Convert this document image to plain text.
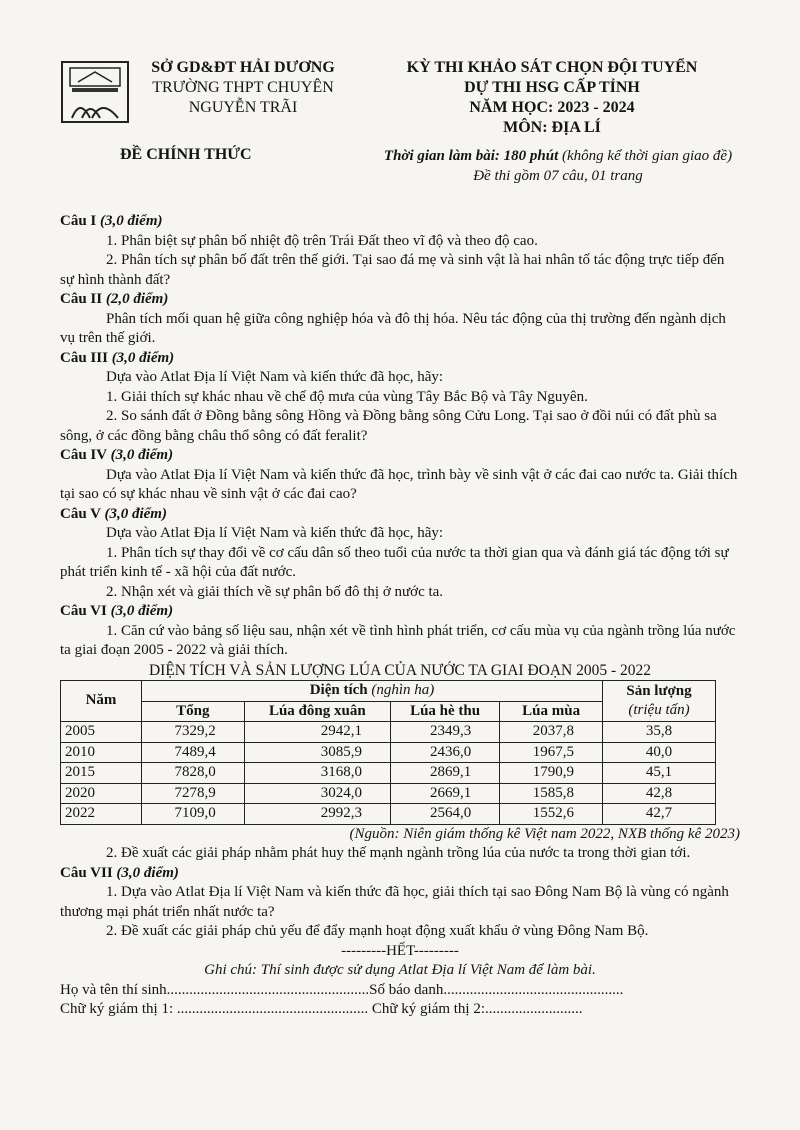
SỞ GD&ĐT HẢI DƯƠNG
TRƯỜNG THPT CHUYÊN
NGUYỄN TRÃI
KỲ THI KHẢO SÁT CHỌN ĐỘI TUYỂN
DỰ THI HSG CẤP TỈNH
NĂM HỌC: 2023 - 2024
MÔN: ĐỊA LÍ
ĐỀ CHÍNH THỨC	Thời gian làm bài: 180 phút (không kể thời gian giao đề)
Đề thi gồm 07 câu, 01 trang

Câu I (3,0 điểm)

1. Phân biệt sự phân bố nhiệt độ trên Trái Đất theo vĩ độ và theo độ cao.

2. Phân tích sự phân bố đất trên thế giới. Tại sao đá mẹ và sinh vật là hai nhân tố tác động trực tiếp đến sự hình thành đất?

Câu II (2,0 điểm)

Phân tích mối quan hệ giữa công nghiệp hóa và đô thị hóa. Nêu tác động của thị trường đến ngành dịch vụ trên thế giới.

Câu III (3,0 điểm)

Dựa vào Atlat Địa lí Việt Nam và kiến thức đã học, hãy:

1. Giải thích sự khác nhau về chế độ mưa của vùng Tây Bắc Bộ và Tây Nguyên.

2. So sánh đất ở Đồng bằng sông Hồng và Đồng bằng sông Cửu Long. Tại sao ở đồi núi có đất phù sa sông, ở các đồng bằng châu thổ sông có đất feralit?

Câu IV (3,0 điểm)

Dựa vào Atlat Địa lí Việt Nam và kiến thức đã học, trình bày về sinh vật ở các đai cao nước ta. Giải thích tại sao có sự khác nhau về sinh vật ở các đai cao?

Câu V (3,0 điểm)

Dựa vào Atlat Địa lí Việt Nam và kiến thức đã học, hãy:

1. Phân tích sự thay đổi về cơ cấu dân số theo tuổi của nước ta thời gian qua và đánh giá tác động tới sự phát triển kinh tế - xã hội của đất nước.

2. Nhận xét và giải thích về sự phân bố đô thị ở nước ta.

Câu VI (3,0 điểm)

1. Căn cứ vào bảng số liệu sau, nhận xét về tình hình phát triển, cơ cấu mùa vụ của ngành trồng lúa nước ta giai đoạn 2005 - 2022 và giải thích.

DIỆN TÍCH VÀ SẢN LƯỢNG LÚA CỦA NƯỚC TA GIAI ĐOẠN 2005 - 2022

Năm	Diện tích (nghìn ha)				Sản lượng
(triệu tấn)
	Tổng	Lúa đông xuân	Lúa hè thu	Lúa mùa	
2005	7329,2	2942,1	2349,3	2037,8	35,8
2010	7489,4	3085,9	2436,0	1967,5	40,0
2015	7828,0	3168,0	2869,1	1790,9	45,1
2020	7278,9	3024,0	2669,1	1585,8	42,8
2022	7109,0	2992,3	2564,0	1552,6	42,7

(Nguồn: Niên giám thống kê Việt nam 2022, NXB thống kê 2023)

2. Đề xuất các giải pháp nhằm phát huy thế mạnh ngành trồng lúa của nước ta trong thời gian tới.

Câu VII (3,0 điểm)

1. Dựa vào Atlat Địa lí Việt Nam và kiến thức đã học, giải thích tại sao Đông Nam Bộ là vùng có ngành thương mại phát triển nhất nước ta?

2. Đề xuất các giải pháp chủ yếu để đẩy mạnh hoạt động xuất khẩu ở vùng Đông Nam Bộ.

---------HẾT---------

Ghi chú: Thí sinh được sử dụng Atlat Địa lí Việt Nam để làm bài.

Họ và tên thí sinh......................................................Số báo danh................................................

Chữ ký giám thị 1: ................................................... Chữ ký giám thị 2:..........................
